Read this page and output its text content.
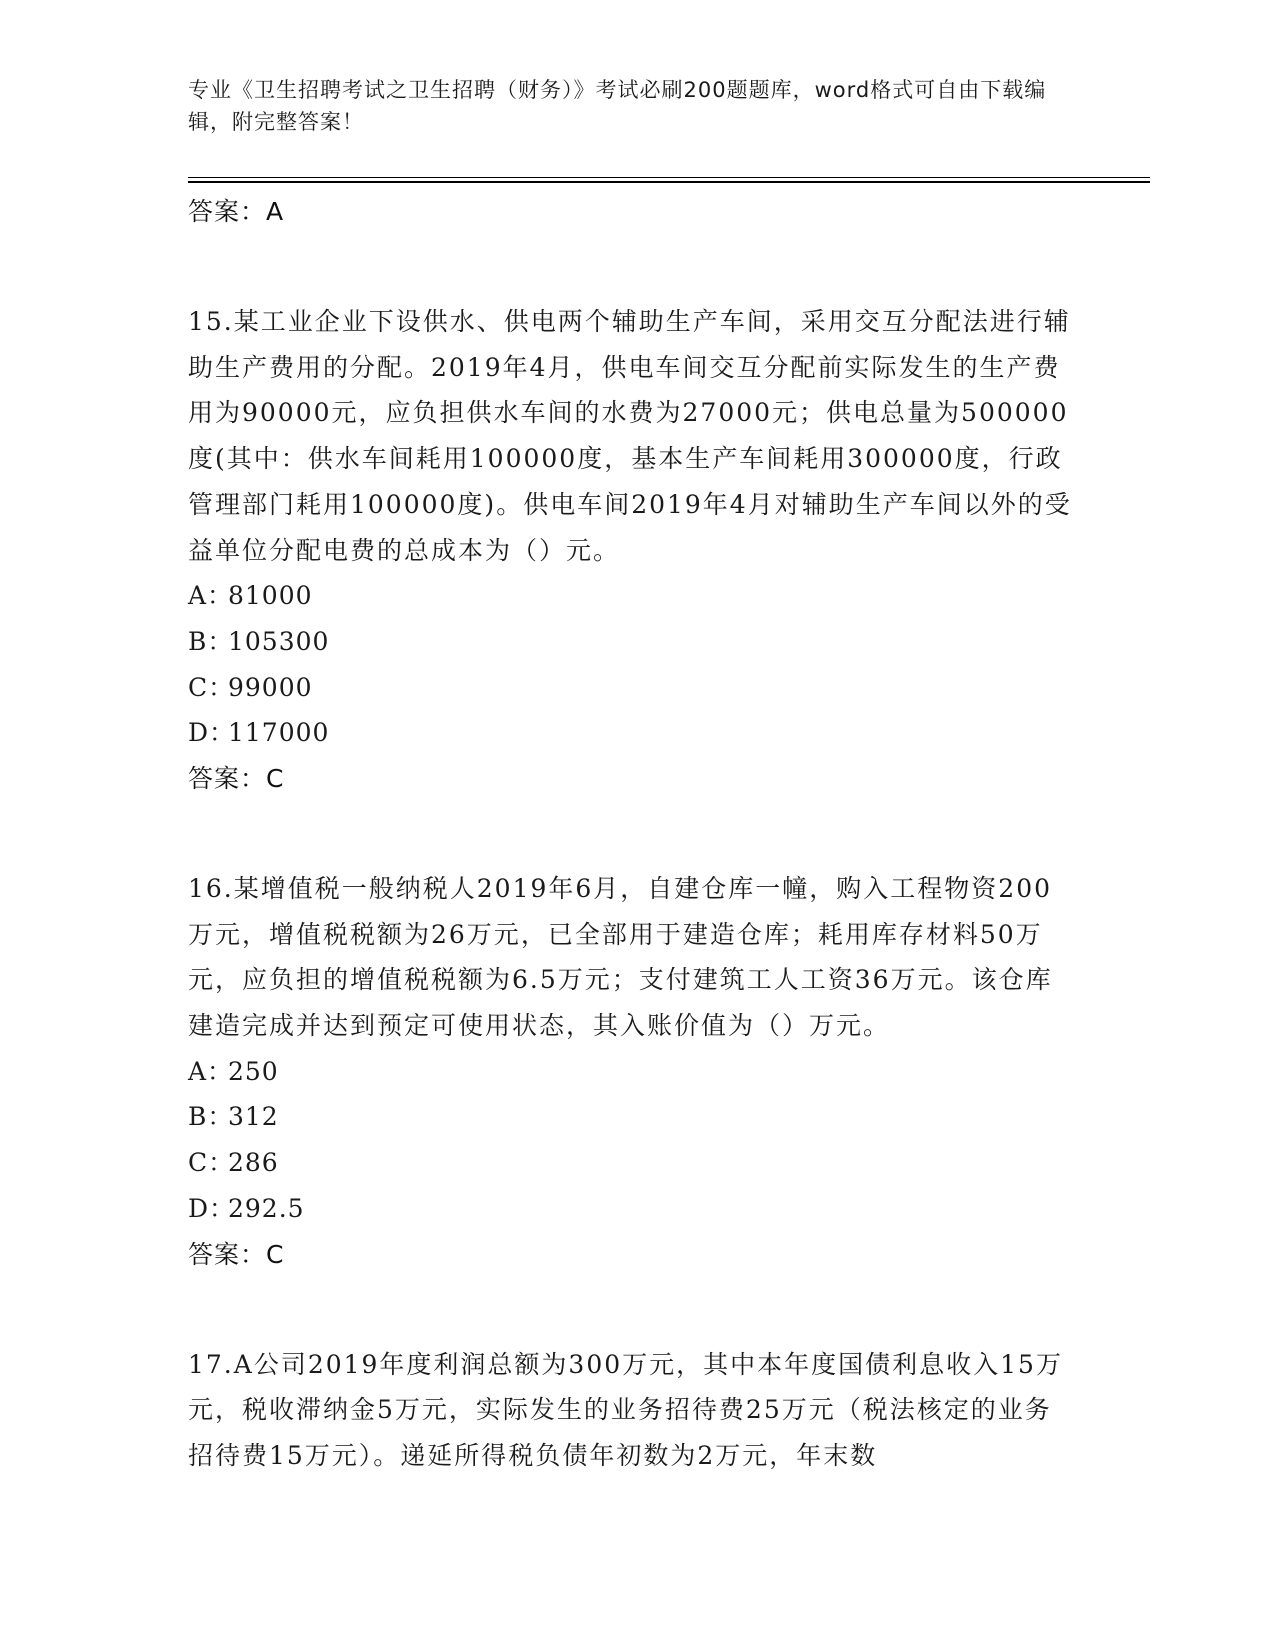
专业《卫生招聘考试之卫生招聘（财务）》考试必刷200题题库，word格式可自由下载编辑，附完整答案！
答案：A
15.某工业企业下设供水、供电两个辅助生产车间，采用交互分配法进行辅助生产费用的分配。2019年4月，供电车间交互分配前实际发生的生产费用为90000元，应负担供水车间的水费为27000元；供电总量为500000度(其中：供水车间耗用100000度，基本生产车间耗用300000度，行政管理部门耗用100000度)。供电车间2019年4月对辅助生产车间以外的受益单位分配电费的总成本为（）元。
A：81000
B：105300
C：99000
D：117000
答案：C
16.某增值税一般纳税人2019年6月，自建仓库一幢，购入工程物资200万元，增值税税额为26万元，已全部用于建造仓库；耗用库存材料50万元，应负担的增值税税额为6.5万元；支付建筑工人工资36万元。该仓库建造完成并达到预定可使用状态，其入账价值为（）万元。
A：250
B：312
C：286
D：292.5
答案：C
17.A公司2019年度利润总额为300万元，其中本年度国债利息收入15万元，税收滞纳金5万元，实际发生的业务招待费25万元（税法核定的业务招待费15万元）。递延所得税负债年初数为2万元，年末数
